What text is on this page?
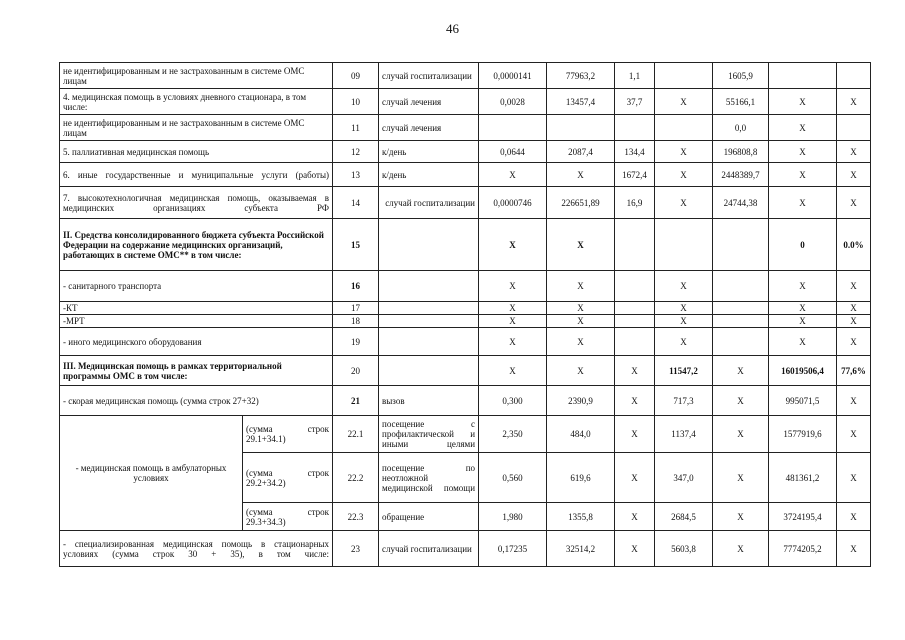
46
не идентифицированным и не застрахованным в системе ОМС лицам		09	случай госпитализации	0,0000141	77963,2	1,1		1605,9		
4. медицинская помощь в условиях дневного стационара, в том числе:		10	случай лечения	0,0028	13457,4	37,7	X	55166,1	X	X
не идентифицированным и не застрахованным в системе ОМС лицам		11	случай лечения					0,0	X	
5. паллиативная медицинская помощь		12	к/день	0,0644	2087,4	134,4	X	196808,8	X	X
6. иные государственные и муниципальные услуги (работы)		13	к/день	X	X	1672,4	X	2448389,7	X	X
7. высокотехнологичная медицинская помощь, оказываемая в медицинских организациях субъекта РФ		14	случай госпитализации	0,0000746	226651,89	16,9	X	24744,38	X	X
II. Средства консолидированного бюджета субъекта Российской Федерации на содержание медицинских организаций, работающих в системе ОМС** в том числе:		15		X	X				0	0.0%
- санитарного транспорта		16		X	X		X		X	X
-КТ		17		X	X		X		X	X
-МРТ		18		X	X		X		X	X
- иного медицинского оборудования		19		X	X		X		X	X
III. Медицинская помощь в рамках территориальной программы ОМС в том числе:		20		X	X	X	11547,2	X	16019506,4	77,6%
- скорая медицинская помощь (сумма строк 27+32)		21	вызов	0,300	2390,9	X	717,3	X	995071,5	X
- медицинская помощь в амбулаторных условиях	(сумма строк 29.1+34.1)	22.1	посещение с профилактической и иными целями	2,350	484,0	X	1137,4	X	1577919,6	X
	(сумма строк 29.2+34.2)	22.2	посещение по неотложной медицинской помощи	0,560	619,6	X	347,0	X	481361,2	X
	(сумма строк 29.3+34.3)	22.3	обращение	1,980	1355,8	X	2684,5	X	3724195,4	X
- специализированная медицинская помощь в стационарных условиях (сумма строк 30 + 35), в том числе:		23	случай госпитализации	0,17235	32514,2	X	5603,8	X	7774205,2	X
